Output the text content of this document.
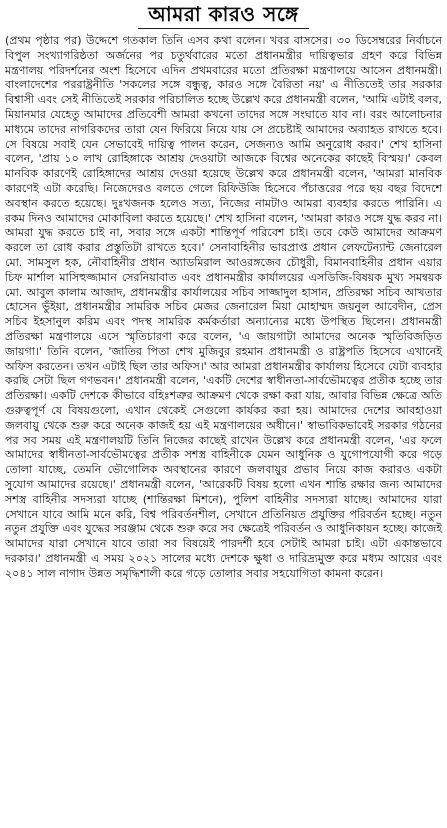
আমরা কারও সঙ্গে

(প্রথম পৃষ্ঠার পর) উদ্দেশে গতকাল তিনি এসব কথা বলেন। খবর বাসসের। ৩০ ডিসেম্বরের নির্বাচনে বিপুল সংখ্যাগরিষ্ঠতা অর্জনের পর চতুর্থবারের মতো প্রধানমন্ত্রীর দায়িত্বভার গ্রহণ করে বিভিন্ন মন্ত্রণালয় পরিদর্শনের অংশ হিসেবে এদিন প্রথমবারের মতো প্রতিরক্ষা মন্ত্রণালয়ে আসেন প্রধানমন্ত্রী। বাংলাদেশের পররাষ্ট্রনীতি 'সকলের সঙ্গে বন্ধুত্ব, কারও সঙ্গে বৈরিতা নয়' এ নীতিতেই তার সরকার বিশ্বাসী এবং সেই নীতিতেই সরকার পরিচালিত হচ্ছে উল্লেখ করে প্রধানমন্ত্রী বলেন, 'আমি এটাই বলব, মিয়ানমার যেহেতু আমাদের প্রতিবেশী আমরা কখনো তাদের সঙ্গে সংঘাতে যাব না। বরং আলোচনার মাধ্যমে তাদের নাগরিকদের তারা যেন ফিরিয়ে নিয়ে যায় সে প্রচেষ্টাই আমাদের অব্যাহত রাখতে হবে। সে বিষয়ে সবাই যেন সেভাবেই দায়িত্ব পালন করেন, সেজন্যও আমি অনুরোধ করব।' শেখ হাসিনা বলেন, 'প্রায় ১০ লাখ রোহিঙ্গাকে আশ্রয় দেওয়াটা আজকে বিশ্বের অনেকের কাছেই বিস্ময়।' কেবল মানবিক কারণেই রোহিঙ্গাদের আশ্রয় দেওয়া হয়েছে উল্লেখ করে প্রধানমন্ত্রী বলেন, 'আমরা মানবিক কারণেই এটা করেছি। নিজেদেরও বলতে গেলে রিফিউজি হিসেবে পঁচাত্তরের পরে ছয় বছর বিদেশে অবস্থান করতে হয়েছে। দুঃখজনক হলেও সত্য, নিজের নামটাও আমরা ব্যবহার করতে পারিনি। এ রকম দিনও আমাদের মোকাবিলা করতে হয়েছে।' শেখ হাসিনা বলেন, 'আমরা কারও সঙ্গে যুদ্ধ করব না। আমরা যুদ্ধ করতে চাই না, সবার সঙ্গে একটা শান্তিপূর্ণ পরিবেশ চাই। তবে কেউ আমাদের আক্রমণ করলে তা রোধ করার প্রস্তুতিটা রাখতে হবে।' সেনাবাহিনীর ভারপ্রাপ্ত প্রধান লেফটেন্যান্ট জেনারেল মো. সামসুল হক, নৌবাহিনীর প্রধান অ্যাডমিরাল আওরঙ্গজেব চৌধুরী, বিমানবাহিনীর প্রধান এয়ার চিফ মার্শাল মাসিহুজ্জামান সেরনিয়াবাত এবং প্রধানমন্ত্রীর কার্যালয়ের এসডিজি-বিষয়ক মুখ্য সমন্বয়ক মো. আবুল কালাম আজাদ, প্রধানমন্ত্রীর কার্যালয়ের সচিব সাজ্জাদুল হাসান, প্রতিরক্ষা সচিব আখতার হোসেন ভুঁইয়া, প্রধানমন্ত্রীর সামরিক সচিব মেজর জেনারেল মিয়া মোহাম্মদ জয়নুল আবেদীন, প্রেস সচিব ইহসানুল করিম এবং পদস্থ সামরিক কর্মকর্তারা অন্যান্যের মধ্যে উপস্থিত ছিলেন। প্রধানমন্ত্রী প্রতিরক্ষা মন্ত্রণালয়ে এসে স্মৃতিচারণা করে বলেন, 'এ জায়গাটা আমাদের অনেক স্মৃতিবিজড়িত জায়গা।' তিনি বলেন, 'জাতির পিতা শেখ মুজিবুর রহমান প্রধানমন্ত্রী ও রাষ্ট্রপতি হিসেবে এখানেই অফিস করতেন। তখন এটাই ছিল তার অফিস।' আর আমরা প্রধানমন্ত্রীর কার্যালয় হিসেবে যেটা ব্যবহার করছি সেটা ছিল গণভবন।' প্রধানমন্ত্রী বলেন, 'একটি দেশের স্বাধীনতা-সার্বভৌমত্বের প্রতীক হচ্ছে তার প্রতিরক্ষা। একটি দেশকে কীভাবে বহিঃশত্রুর আক্রমণ থেকে রক্ষা করা যায়, আবার বিভিন্ন ক্ষেত্রে অতি গুরুত্বপূর্ণ যে বিষয়গুলো, এখান থেকেই সেগুলো কার্যকর করা হয়। আমাদের দেশের আবহাওয়া জলবায়ু থেকে শুরু করে অনেক কাজই হয় এই মন্ত্রণালয়ের অধীনে।' স্বাভাবিকভাবেই সরকার গঠনের পর সব সময় এই মন্ত্রণালয়টি তিনি নিজের কাছেই রাখেন উল্লেখ করে প্রধানমন্ত্রী বলেন, 'এর ফলে আমাদের স্বাধীনতা-সার্বভৌমত্বের প্রতীক সশস্ত্র বাহিনীকে যেমন আধুনিক ও যুগোপযোগী করে গড়ে তোলা যাচ্ছে, তেমনি ভৌগোলিক অবস্থানের কারণে জলবায়ুর প্রভাব নিয়ে কাজ করারও একটা সুযোগ আমাদের রয়েছে।' প্রধানমন্ত্রী বলেন, 'আরেকটি বিষয় হলো এখন শান্তি রক্ষার জন্য আমাদের সশস্ত্র বাহিনীর সদস্যরা যাচ্ছে (শান্তিরক্ষা মিশনে), পুলিশ বাহিনীর সদস্যরা যাচ্ছে। আমাদের যারা সেখানে যাবে আমি মনে করি, বিশ্ব পরিবর্তনশীল, সেখানে প্রতিনিয়ত প্রযুক্তির পরিবর্তন হচ্ছে। নতুন নতুন প্রযুক্তি এবং যুদ্ধের সরঞ্জাম থেকে শুরু করে সব ক্ষেত্রেই পরিবর্তন ও আধুনিকায়ন হচ্ছে। কাজেই আমাদের যারা সেখানে যাবে তারা সব বিষয়েই পারদর্শী হবে সেটাই আমরা চাই। এটা একান্তভাবে দরকার।' প্রধানমন্ত্রী এ সময় ২০২১ সালের মধ্যে দেশকে ক্ষুধা ও দারিদ্র্যমুক্ত করে মধ্যম আয়ের এবং ২০৪১ সাল নাগাদ উন্নত সমৃদ্ধিশালী করে গড়ে তোলার সবার সহযোগিতা কামনা করেন।
